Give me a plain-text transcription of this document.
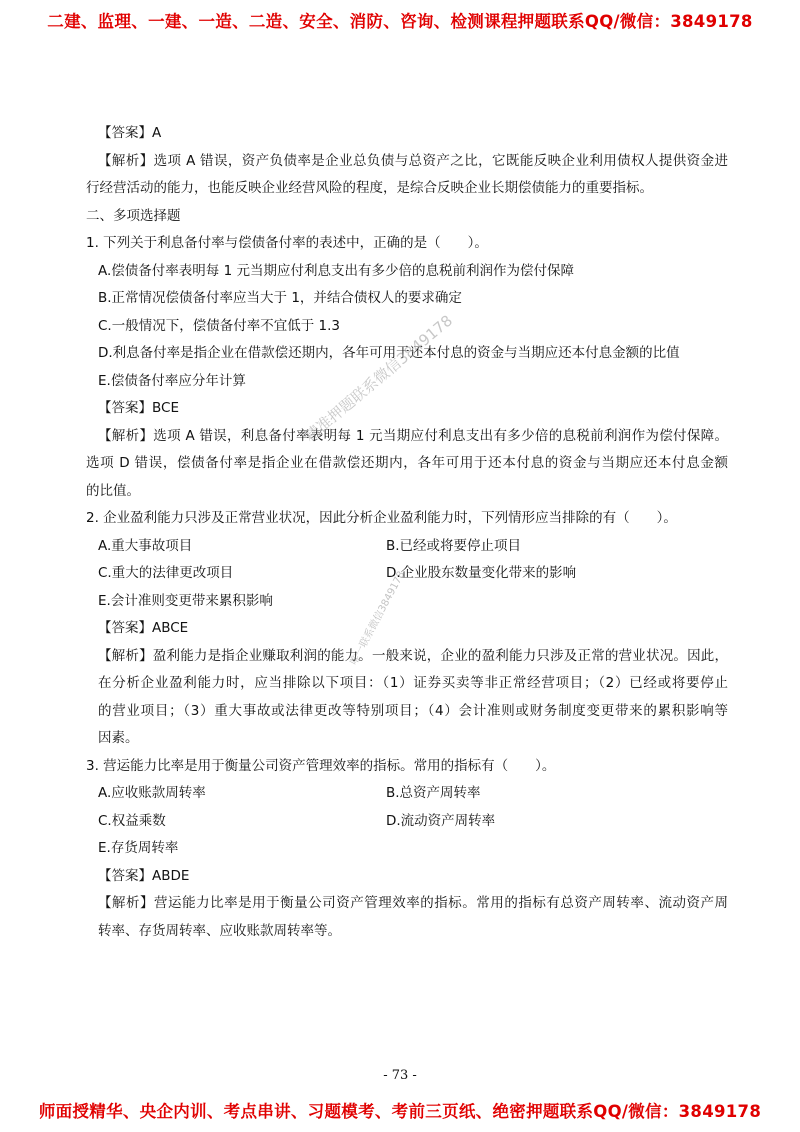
二建、监理、一建、一造、二造、安全、消防、咨询、检测课程押题联系QQ/微信：3849178
【答案】A
【解析】选项 A 错误，资产负债率是企业总负债与总资产之比，它既能反映企业利用债权人提供资金进
行经营活动的能力，也能反映企业经营风险的程度，是综合反映企业长期偿债能力的重要指标。
二、多项选择题
1. 下列关于利息备付率与偿债备付率的表述中，正确的是（　　）。
A.偿债备付率表明每 1 元当期应付利息支出有多少倍的息税前利润作为偿付保障
B.正常情况偿债备付率应当大于 1，并结合债权人的要求确定
C.一般情况下，偿债备付率不宜低于 1.3
D.利息备付率是指企业在借款偿还期内，各年可用于还本付息的资金与当期应还本付息金额的比值
E.偿债备付率应分年计算
【答案】BCE
【解析】选项 A 错误，利息备付率表明每 1 元当期应付利息支出有多少倍的息税前利润作为偿付保障。
选项 D 错误，偿债备付率是指企业在借款偿还期内，各年可用于还本付息的资金与当期应还本付息金额
的比值。
2. 企业盈利能力只涉及正常营业状况，因此分析企业盈利能力时，下列情形应当排除的有（　　）。
A.重大事故项目	B.已经或将要停止项目
C.重大的法律更改项目	D.企业股东数量变化带来的影响
E.会计准则变更带来累积影响
【答案】ABCE
【解析】盈利能力是指企业赚取利润的能力。一般来说，企业的盈利能力只涉及正常的营业状况。因此，
在分析企业盈利能力时，应当排除以下项目：（1）证券买卖等非正常经营项目；（2）已经或将要停止
的营业项目；（3）重大事故或法律更改等特别项目；（4）会计准则或财务制度变更带来的累积影响等
因素。
3. 营运能力比率是用于衡量公司资产管理效率的指标。常用的指标有（　　）。
A.应收账款周转率	B.总资产周转率
C.权益乘数	D.流动资产周转率
E.存货周转率
【答案】ABDE
【解析】营运能力比率是用于衡量公司资产管理效率的指标。常用的指标有总资产周转率、流动资产周
转率、存货周转率、应收账款周转率等。
精准押题联系微信3849178
唯一联系微信3849178
- 73 -
师面授精华、央企内训、考点串讲、习题模考、考前三页纸、绝密押题联系QQ/微信：3849178
